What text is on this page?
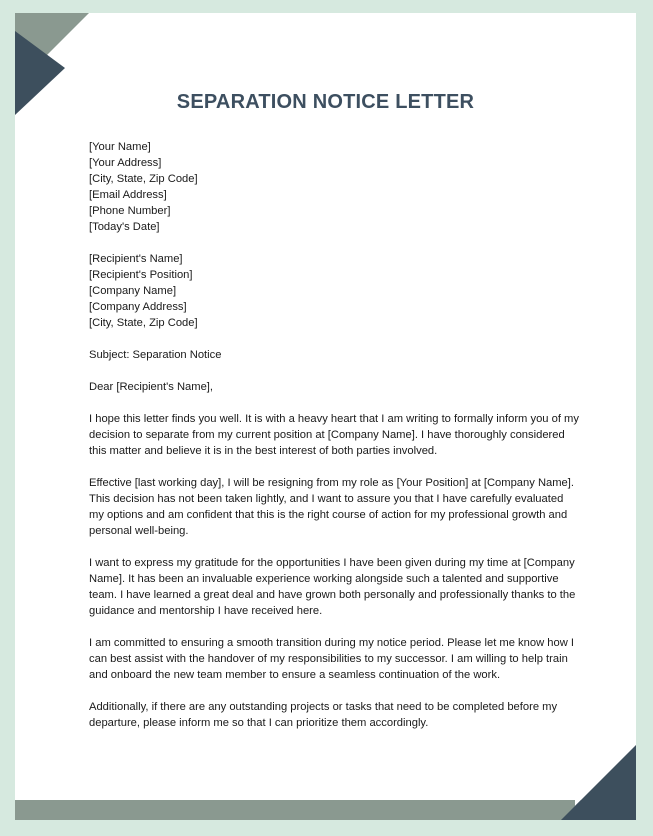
SEPARATION NOTICE LETTER
[Your Name]
[Your Address]
[City, State, Zip Code]
[Email Address]
[Phone Number]
[Today's Date]
[Recipient's Name]
[Recipient's Position]
[Company Name]
[Company Address]
[City, State, Zip Code]
Subject: Separation Notice
Dear [Recipient's Name],

I hope this letter finds you well. It is with a heavy heart that I am writing to formally inform you of my decision to separate from my current position at [Company Name]. I have thoroughly considered this matter and believe it is in the best interest of both parties involved.

Effective [last working day], I will be resigning from my role as [Your Position] at [Company Name]. This decision has not been taken lightly, and I want to assure you that I have carefully evaluated my options and am confident that this is the right course of action for my professional growth and personal well-being.

I want to express my gratitude for the opportunities I have been given during my time at [Company Name]. It has been an invaluable experience working alongside such a talented and supportive team. I have learned a great deal and have grown both personally and professionally thanks to the guidance and mentorship I have received here.

I am committed to ensuring a smooth transition during my notice period. Please let me know how I can best assist with the handover of my responsibilities to my successor. I am willing to help train and onboard the new team member to ensure a seamless continuation of the work.

Additionally, if there are any outstanding projects or tasks that need to be completed before my departure, please inform me so that I can prioritize them accordingly.
